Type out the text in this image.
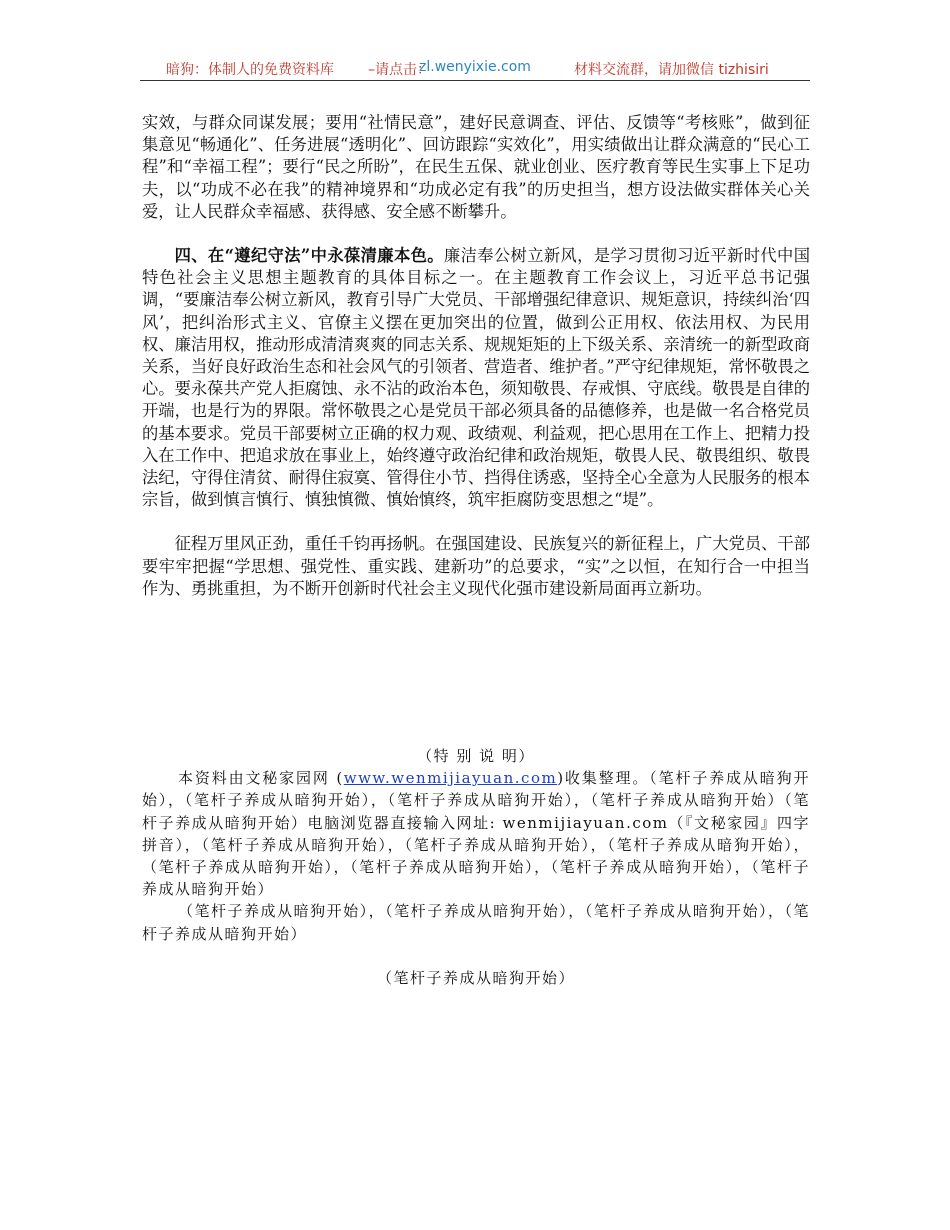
暗狗：体制人的免费资料库 –请点击：
zl.wenyixie.com	材料交流群，请加微信 tizhisiri

实效，与群众同谋发展；要用“社情民意”，建好民意调查、评估、反馈等“考核账”，做到征集意见“畅通化”、任务进展“透明化”、回访跟踪“实效化”，用实绩做出让群众满意的“民心工程”和“幸福工程”；要行“民之所盼”，在民生五保、就业创业、医疗教育等民生实事上下足功夫，以“功成不必在我”的精神境界和“功成必定有我”的历史担当，想方设法做实群体关心关爱，让人民群众幸福感、获得感、安全感不断攀升。

四、在“遵纪守法”中永葆清廉本色。廉洁奉公树立新风，是学习贯彻习近平新时代中国特色社会主义思想主题教育的具体目标之一。在主题教育工作会议上，习近平总书记强调，“要廉洁奉公树立新风，教育引导广大党员、干部增强纪律意识、规矩意识，持续纠治‘四风’，把纠治形式主义、官僚主义摆在更加突出的位置，做到公正用权、依法用权、为民用权、廉洁用权，推动形成清清爽爽的同志关系、规规矩矩的上下级关系、亲清统一的新型政商关系，当好良好政治生态和社会风气的引领者、营造者、维护者。”严守纪律规矩，常怀敬畏之心。要永葆共产党人拒腐蚀、永不沾的政治本色，须知敬畏、存戒惧、守底线。敬畏是自律的开端，也是行为的界限。常怀敬畏之心是党员干部必须具备的品德修养，也是做一名合格党员的基本要求。党员干部要树立正确的权力观、政绩观、利益观，把心思用在工作上、把精力投入在工作中、把追求放在事业上，始终遵守政治纪律和政治规矩，敬畏人民、敬畏组织、敬畏法纪，守得住清贫、耐得住寂寞、管得住小节、挡得住诱惑，坚持全心全意为人民服务的根本宗旨，做到慎言慎行、慎独慎微、慎始慎终，筑牢拒腐防变思想之“堤”。

征程万里风正劲，重任千钧再扬帆。在强国建设、民族复兴的新征程上，广大党员、干部要牢牢把握“学思想、强党性、重实践、建新功”的总要求，“实”之以恒，在知行合一中担当作为、勇挑重担，为不断开创新时代社会主义现代化强市建设新局面再立新功。

（特 别 说 明）

本资料由文秘家园网 (www.wenmijiayuan.com)收集整理。（笔杆子养成从暗狗开始），（笔杆子养成从暗狗开始），（笔杆子养成从暗狗开始），（笔杆子养成从暗狗开始）（笔杆子养成从暗狗开始）电脑浏览器直接输入网址: wenmijiayuan.com（『文秘家园』四字拼音），（笔杆子养成从暗狗开始），（笔杆子养成从暗狗开始），（笔杆子养成从暗狗开始），（笔杆子养成从暗狗开始），（笔杆子养成从暗狗开始），（笔杆子养成从暗狗开始），（笔杆子养成从暗狗开始）

（笔杆子养成从暗狗开始），（笔杆子养成从暗狗开始），（笔杆子养成从暗狗开始），（笔杆子养成从暗狗开始）

（笔杆子养成从暗狗开始）
